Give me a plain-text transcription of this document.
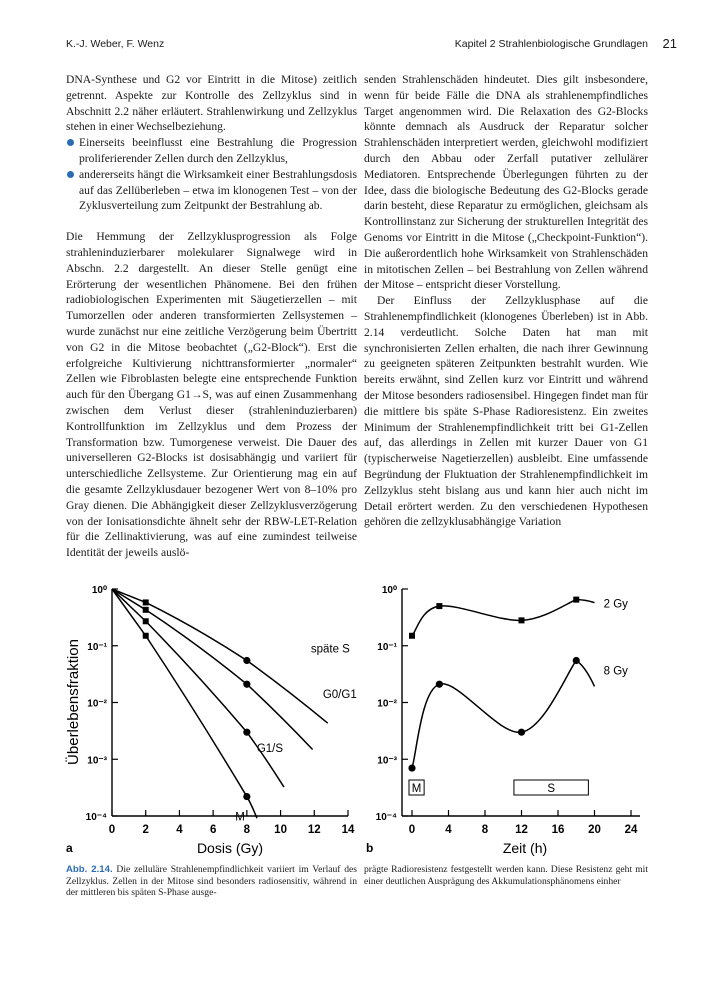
K.-J. Weber, F. Wenz	Kapitel 2 Strahlenbiologische Grundlagen 21

DNA-Synthese und G2 vor Eintritt in die Mitose) zeitlich getrennt. Aspekte zur Kontrolle des Zellzyklus sind in Abschnitt 2.2 näher erläutert. Strahlenwirkung und Zellzyklus stehen in einer Wechselbeziehung.

Einerseits beeinflusst eine Bestrahlung die Progression proliferierender Zellen durch den Zellzyklus,
andererseits hängt die Wirksamkeit einer Bestrahlungsdosis auf das Zellüberleben – etwa im klonogenen Test – von der Zyklusverteilung zum Zeitpunkt der Bestrahlung ab.

Die Hemmung der Zellzyklusprogression als Folge strahleninduzierbarer molekularer Signalwege wird in Abschn. 2.2 dargestellt. An dieser Stelle genügt eine Erörterung der wesentlichen Phänomene. Bei den frühen radiobiologischen Experimenten mit Säugetierzellen – mit Tumorzellen oder anderen transformierten Zellsystemen – wurde zunächst nur eine zeitliche Verzögerung beim Übertritt von G2 in die Mitose beobachtet („G2-Block“). Erst die erfolgreiche Kultivierung nichttransformierter „normaler“ Zellen wie Fibroblasten belegte eine entsprechende Funktion auch für den Übergang G1→S, was auf einen Zusammenhang zwischen dem Verlust dieser (strahleninduzierbaren) Kontrollfunktion im Zellzyklus und dem Prozess der Transformation bzw. Tumorgenese verweist. Die Dauer des universelleren G2-Blocks ist dosisabhängig und variiert für unterschiedliche Zellsysteme. Zur Orientierung mag ein auf die gesamte Zellzyklusdauer bezogener Wert von 8–10% pro Gray dienen. Die Abhängigkeit dieser Zellzyklusverzögerung von der Ionisationsdichte ähnelt sehr der RBW-LET-Relation für die Zellinaktivierung, was auf eine zumindest teilweise Identität der jeweils auslö-

senden Strahlenschäden hindeutet. Dies gilt insbesondere, wenn für beide Fälle die DNA als strahlenempfindliches Target angenommen wird. Die Relaxation des G2-Blocks könnte demnach als Ausdruck der Reparatur solcher Strahlenschäden interpretiert werden, gleichwohl modifiziert durch den Abbau oder Zerfall putativer zellulärer Mediatoren. Entsprechende Überlegungen führten zu der Idee, dass die biologische Bedeutung des G2-Blocks gerade darin besteht, diese Reparatur zu ermöglichen, gleichsam als Kontrollinstanz zur Sicherung der strukturellen Integrität des Genoms vor Eintritt in die Mitose („Checkpoint-Funktion“). Die außerordentlich hohe Wirksamkeit von Strahlenschäden in mitotischen Zellen – bei Bestrahlung von Zellen während der Mitose – entspricht dieser Vorstellung.

Der Einfluss der Zellzyklusphase auf die Strahlenempfindlichkeit (klonogenes Überleben) ist in Abb. 2.14 verdeutlicht. Solche Daten hat man mit synchronisierten Zellen erhalten, die nach ihrer Gewinnung zu geeigneten späteren Zeitpunkten bestrahlt wurden. Wie bereits erwähnt, sind Zellen kurz vor Eintritt und während der Mitose besonders radiosensibel. Hingegen findet man für die mittlere bis späte S-Phase Radioresistenz. Ein zweites Minimum der Strahlenempfindlichkeit tritt bei G1-Zellen auf, das allerdings in Zellen mit kurzer Dauer von G1 (typischerweise Nagetierzellen) ausbleibt. Eine umfassende Begründung der Fluktuation der Strahlenempfindlichkeit im Zellzyklus steht bislang aus und kann hier auch nicht im Detail erörtert werden. Zu den verschiedenen Hypothesen gehören die zellzyklusabhängige Variation

10⁰
10⁻¹
10⁻²
10⁻³
10⁻⁴
0 2 4 6 8 10 12 14
Überlebensfraktion
Dosis (Gy)
a
M
G1/S
G0/G1
späte S
10⁰
10⁻¹
10⁻²
10⁻³
10⁻⁴
0	4	8 12 16 20 24
M	S
Zeit (h)
b
2 Gy
8 Gy
Abb. 2.14. Die zelluläre Strahlenempfindlichkeit variiert im Verlauf des Zellzyklus. Zellen in der Mitose sind besonders radiosensitiv, während in der mittleren bis späten S-Phase ausge-
prägte Radioresistenz festgestellt werden kann. Diese Resistenz geht mit einer deutlichen Ausprägung des Akkumulationsphänomens einher
